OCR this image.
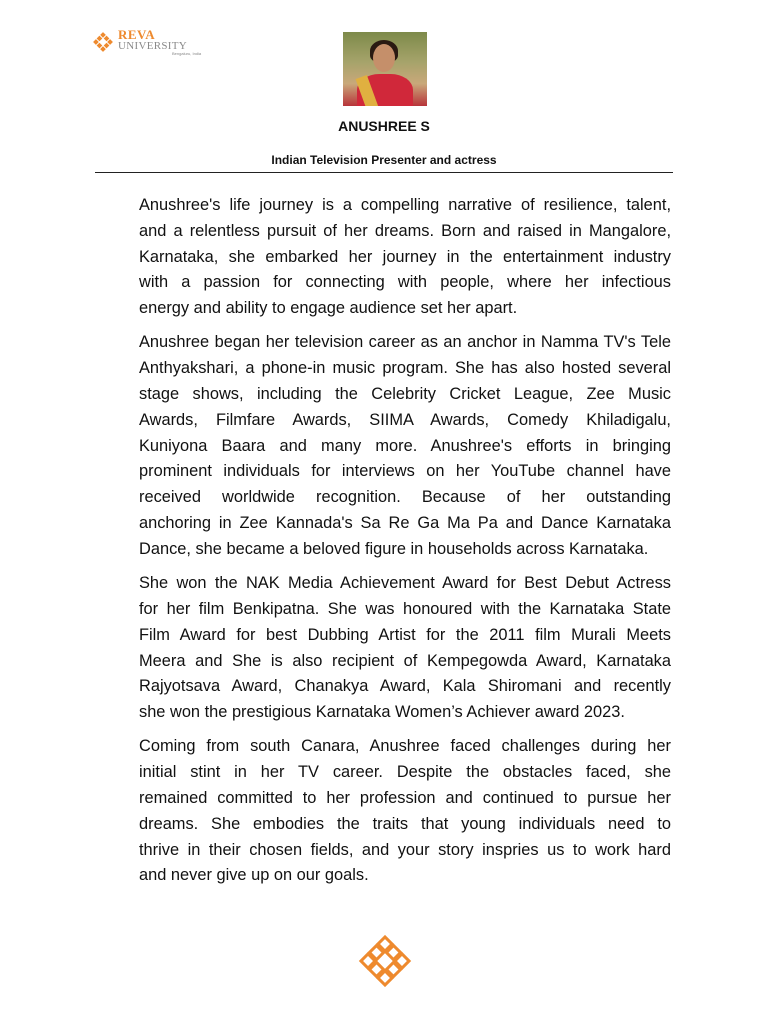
REVA
UNIVERSITY
Bengaluru, India
ANUSHREE S
Indian Television Presenter and actress
Anushree's life journey is a compelling narrative of resilience, talent,
and a relentless pursuit of her dreams. Born and raised in Mangalore,
Karnataka, she embarked her journey in the entertainment industry
with a passion for connecting with people, where her infectious
energy and ability to engage audience set her apart.
Anushree began her television career as an anchor in Namma TV's Tele
Anthyakshari, a phone-in music program. She has also hosted several
stage shows, including the Celebrity Cricket League, Zee Music
Awards, Filmfare Awards, SIIMA Awards, Comedy Khiladigalu,
Kuniyona Baara and many more. Anushree's efforts in bringing
prominent individuals for interviews on her YouTube channel have
received worldwide recognition. Because of her outstanding
anchoring in Zee Kannada's Sa Re Ga Ma Pa and Dance Karnataka
Dance, she became a beloved figure in households across Karnataka.
She won the NAK Media Achievement Award for Best Debut Actress
for her film Benkipatna. She was honoured with the Karnataka State
Film Award for best Dubbing Artist for the 2011 film Murali Meets
Meera and She is also recipient of Kempegowda Award, Karnataka
Rajyotsava Award, Chanakya Award, Kala Shiromani and recently
she won the prestigious Karnataka Women’s Achiever award 2023.
Coming from south Canara, Anushree faced challenges during her
initial stint in her TV career. Despite the obstacles faced, she
remained committed to her profession and continued to pursue her
dreams. She embodies the traits that young individuals need to
thrive in their chosen fields, and your story inspries us to work hard
and never give up on our goals.
